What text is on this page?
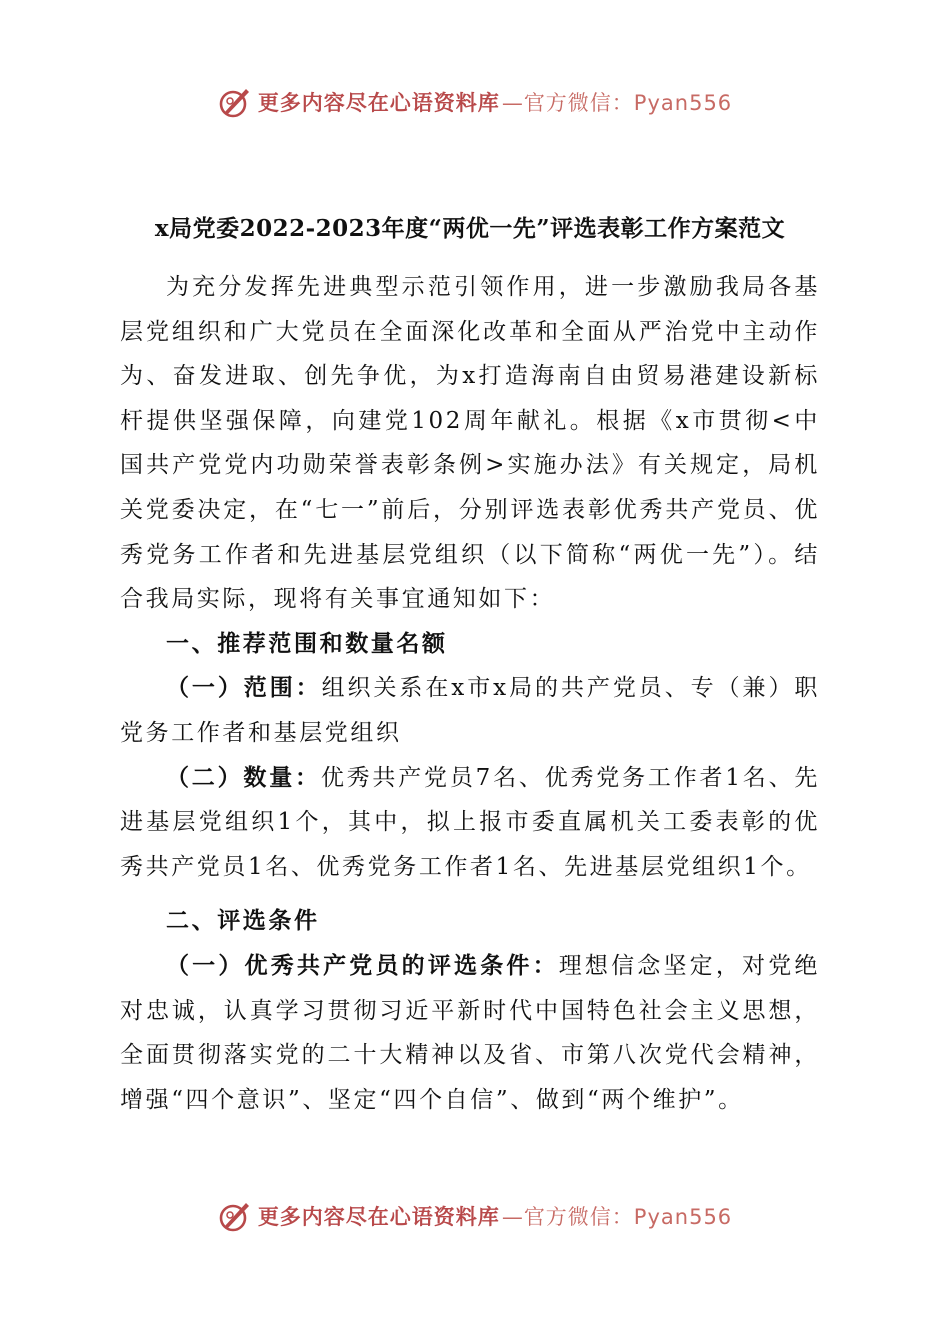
更多内容尽在心语资料库 —官方微信：Pyan556
x局党委2022-2023年度“两优一先”评选表彰工作方案范文

为充分发挥先进典型示范引领作用，进一步激励我局各基层党组织和广大党员在全面深化改革和全面从严治党中主动作为、奋发进取、创先争优，为x打造海南自由贸易港建设新标杆提供坚强保障，向建党102周年献礼。根据《x市贯彻<中国共产党党内功勋荣誉表彰条例>实施办法》有关规定，局机关党委决定，在“七一”前后，分别评选表彰优秀共产党员、优秀党务工作者和先进基层党组织（以下简称“两优一先”）。结合我局实际，现将有关事宜通知如下：

一、推荐范围和数量名额

（一）范围：组织关系在x市x局的共产党员、专（兼）职党务工作者和基层党组织

（二）数量：优秀共产党员7名、优秀党务工作者1名、先进基层党组织1个，其中，拟上报市委直属机关工委表彰的优秀共产党员1名、优秀党务工作者1名、先进基层党组织1个。

二、评选条件

（一）优秀共产党员的评选条件：理想信念坚定，对党绝对忠诚，认真学习贯彻习近平新时代中国特色社会主义思想，全面贯彻落实党的二十大精神以及省、市第八次党代会精神，增强“四个意识”、坚定“四个自信”、做到“两个维护”。

更多内容尽在心语资料库 —官方微信：Pyan556
